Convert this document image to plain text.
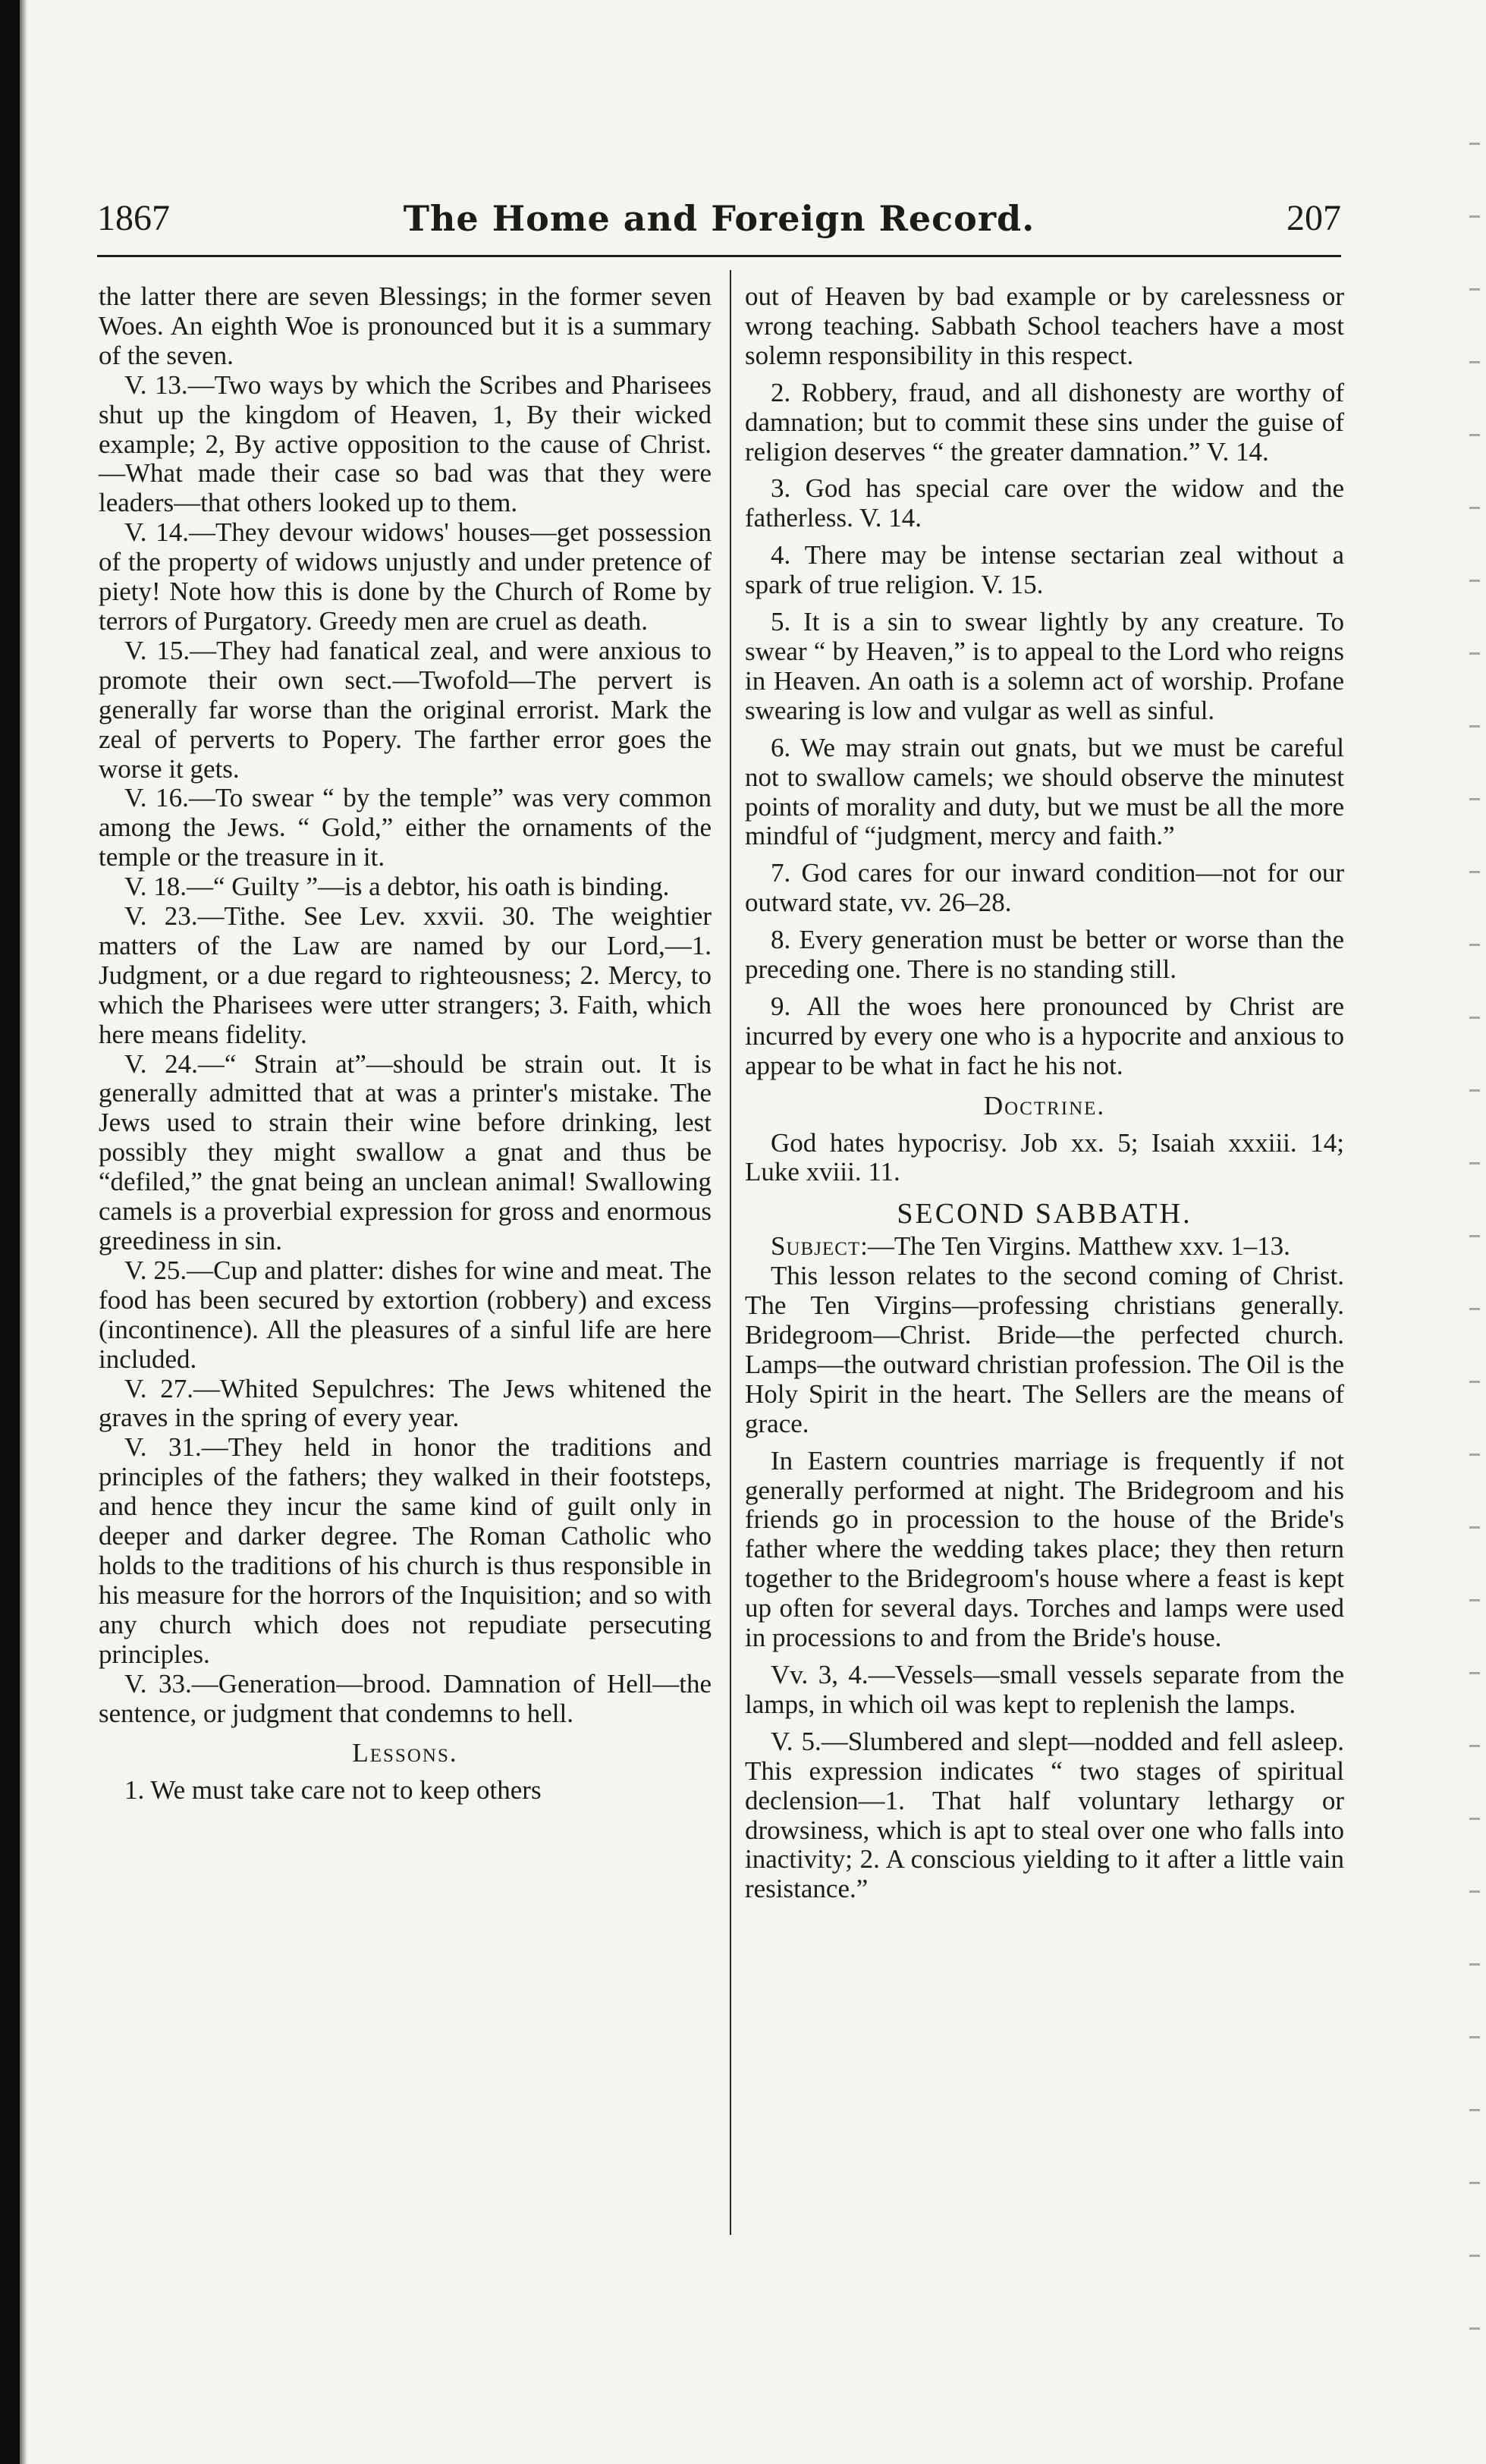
1867	The Home and Foreign Record.	207

the latter there are seven Blessings; in the former seven Woes. An eighth Woe is pronounced but it is a summary of the seven.

V. 13.—Two ways by which the Scribes and Pharisees shut up the kingdom of Heaven, 1, By their wicked example; 2, By active opposition to the cause of Christ.—What made their case so bad was that they were leaders—that others looked up to them.

V. 14.—They devour widows' houses—get possession of the property of widows unjustly and under pretence of piety! Note how this is done by the Church of Rome by terrors of Purgatory. Greedy men are cruel as death.

V. 15.—They had fanatical zeal, and were anxious to promote their own sect.—Twofold—The pervert is generally far worse than the original errorist. Mark the zeal of perverts to Popery. The farther error goes the worse it gets.

V. 16.—To swear “ by the temple” was very common among the Jews. “ Gold,” either the ornaments of the temple or the treasure in it.

V. 18.—“ Guilty ”—is a debtor, his oath is binding.

V. 23.—Tithe. See Lev. xxvii. 30. The weightier matters of the Law are named by our Lord,—1. Judgment, or a due regard to righteousness; 2. Mercy, to which the Pharisees were utter strangers; 3. Faith, which here means fidelity.

V. 24.—“ Strain at”—should be strain out. It is generally admitted that at was a printer's mistake. The Jews used to strain their wine before drinking, lest possibly they might swallow a gnat and thus be “defiled,” the gnat being an unclean animal! Swallowing camels is a proverbial expression for gross and enormous greediness in sin.

V. 25.—Cup and platter: dishes for wine and meat. The food has been secured by extortion (robbery) and excess (incontinence). All the pleasures of a sinful life are here included.

V. 27.—Whited Sepulchres: The Jews whitened the graves in the spring of every year.

V. 31.—They held in honor the traditions and principles of the fathers; they walked in their footsteps, and hence they incur the same kind of guilt only in deeper and darker degree. The Roman Catholic who holds to the traditions of his church is thus responsible in his measure for the horrors of the Inquisition; and so with any church which does not repudiate persecuting principles.

V. 33.—Generation—brood. Damnation of Hell—the sentence, or judgment that condemns to hell.

Lessons.

1. We must take care not to keep others

out of Heaven by bad example or by carelessness or wrong teaching. Sabbath School teachers have a most solemn responsibility in this respect.

2. Robbery, fraud, and all dishonesty are worthy of damnation; but to commit these sins under the guise of religion deserves “ the greater damnation.” V. 14.

3. God has special care over the widow and the fatherless. V. 14.

4. There may be intense sectarian zeal without a spark of true religion. V. 15.

5. It is a sin to swear lightly by any creature. To swear “ by Heaven,” is to appeal to the Lord who reigns in Heaven. An oath is a solemn act of worship. Profane swearing is low and vulgar as well as sinful.

6. We may strain out gnats, but we must be careful not to swallow camels; we should observe the minutest points of morality and duty, but we must be all the more mindful of “judgment, mercy and faith.”

7. God cares for our inward condition—not for our outward state, vv. 26–28.

8. Every generation must be better or worse than the preceding one. There is no standing still.

9. All the woes here pronounced by Christ are incurred by every one who is a hypocrite and anxious to appear to be what in fact he his not.

Doctrine.

God hates hypocrisy. Job xx. 5; Isaiah xxxiii. 14; Luke xviii. 11.

SECOND SABBATH.

Subject:—The Ten Virgins. Matthew xxv. 1–13.

This lesson relates to the second coming of Christ. The Ten Virgins—professing christians generally. Bridegroom—Christ. Bride—the perfected church. Lamps—the outward christian profession. The Oil is the Holy Spirit in the heart. The Sellers are the means of grace.

In Eastern countries marriage is frequently if not generally performed at night. The Bridegroom and his friends go in procession to the house of the Bride's father where the wedding takes place; they then return together to the Bridegroom's house where a feast is kept up often for several days. Torches and lamps were used in processions to and from the Bride's house.

Vv. 3, 4.—Vessels—small vessels separate from the lamps, in which oil was kept to replenish the lamps.

V. 5.—Slumbered and slept—nodded and fell asleep. This expression indicates “ two stages of spiritual declension—1. That half voluntary lethargy or drowsiness, which is apt to steal over one who falls into inactivity; 2. A conscious yielding to it after a little vain resistance.”
